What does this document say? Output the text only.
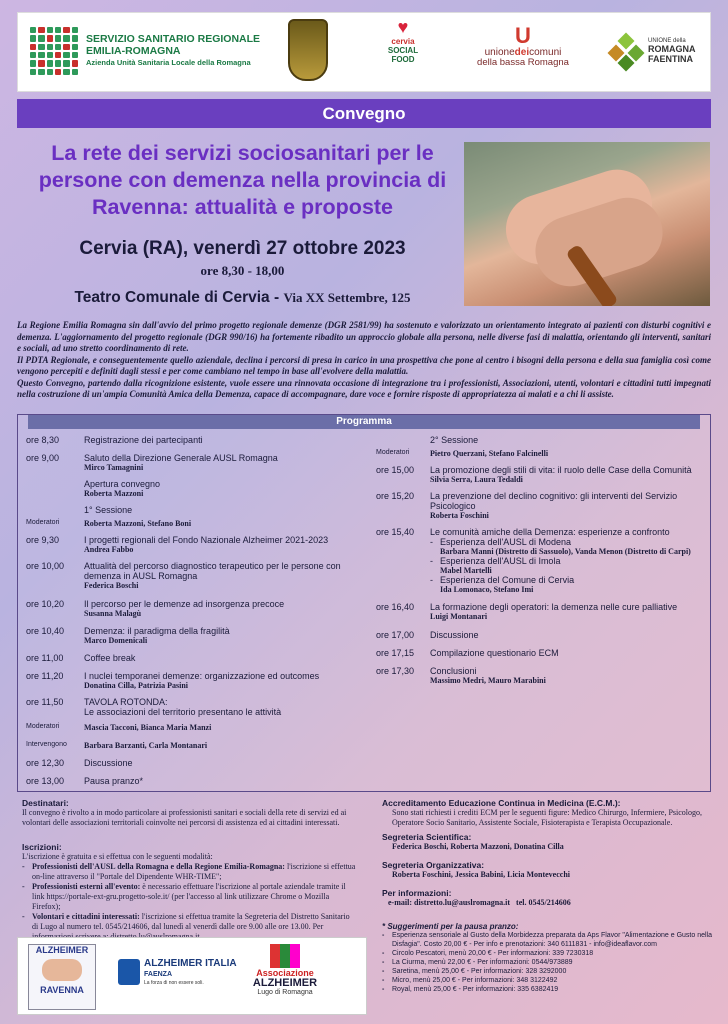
SERVIZIO SANITARIO REGIONALE
EMILIA-ROMAGNA
Azienda Unità Sanitaria Locale della Romagna
♥
cervia
SOCIAL
FOOD
U
unionedeicomuni
della bassa Romagna
UNIONE della
ROMAGNA
FAENTINA
Convegno
La rete dei servizi sociosanitari per le persone con demenza nella provincia di Ravenna: attualità e proposte
Cervia (RA), venerdì 27 ottobre 2023
ore 8,30 - 18,00
Teatro Comunale di Cervia - Via XX Settembre, 125

La Regione Emilia Romagna sin dall'avvio del primo progetto regionale demenze (DGR 2581/99) ha sostenuto e valorizzato un orientamento integrato ai pazienti con disturbi cognitivi e demenza. L'aggiornamento del progetto regionale (DGR 990/16) ha fortemente ribadito un approccio globale alla persona, nelle diverse fasi di malattia, orientando gli interventi, sanitari e sociali, ad uno stretto coordinamento di rete.

Il PDTA Regionale, e conseguentemente quello aziendale, declina i percorsi di presa in carico in una prospettiva che pone al centro i bisogni della persona e della sua famiglia così come vengono percepiti e definiti dagli stessi e per come cambiano nel tempo in base all'evolvere della malattia.

Questo Convegno, partendo dalla ricognizione esistente, vuole essere una rinnovata occasione di integrazione tra i professionisti, Associazioni, utenti, volontari e cittadini tutti impegnati nella costruzione di un'ampia Comunità Amica della Demenza, capace di accompagnare, dare voce e fornire risposte di appropriatezza ai malati e a chi li assiste.

Programma
ore 8,30	Registrazione dei partecipanti
ore 9,00	Saluto della Direzione Generale AUSL Romagna
Mirco Tamagnini
Apertura convegno
Roberta Mazzoni
1° Sessione
Moderatori	Roberta Mazzoni, Stefano Boni
ore 9,30	I progetti regionali del Fondo Nazionale Alzheimer 2021-2023
Andrea Fabbo
ore 10,00 Attualità del percorso diagnostico terapeutico per le persone con demenza in AUSL Romagna
Federica Boschi
ore 10,20 Il percorso per le demenze ad insorgenza precoce
Susanna Malagù
ore 10,40 Demenza: il paradigma della fragilità
Marco Domenicali
ore 11,00 Coffee break
ore 11,20 I nuclei temporanei demenze: organizzazione ed outcomes
Donatina Cilla, Patrizia Pasini
ore 11,50 TAVOLA ROTONDA:
Le associazioni del territorio presentano le attività
Moderatori	Mascia Tacconi, Bianca Maria Manzi
Intervengono Barbara Barzanti, Carla Montanari
ore 12,30 Discussione
ore 13,00 Pausa pranzo*
2° Sessione
Moderatori	Pietro Querzani, Stefano Falcinelli
ore 15,00 La promozione degli stili di vita: il ruolo delle Case della Comunità
Silvia Serra, Laura Tedaldi
ore 15,20 La prevenzione del declino cognitivo: gli interventi del Servizio Psicologico
Roberta Foschini
ore 15,40 Le comunità amiche della Demenza: esperienze a confronto
- Esperienza dell'AUSL di Modena
Barbara Manni (Distretto di Sassuolo), Vanda Menon (Distretto di Carpi)
- Esperienza dell'AUSL di Imola
Mabel Martelli
- Esperienza del Comune di Cervia
Ida Lomonaco, Stefano Imi
ore 16,40 La formazione degli operatori: la demenza nelle cure palliative
Luigi Montanari
ore 17,00 Discussione
ore 17,15 Compilazione questionario ECM
ore 17,30 Conclusioni
Massimo Medri, Mauro Marabini
Destinatari:
Il convegno è rivolto a in modo particolare ai professionisti sanitari e sociali della rete di servizi ed ai volontari delle associazioni territoriali coinvolte nei percorsi di assistenza ed ai cittadini interessati.
Iscrizioni:
L'iscrizione è gratuita e si effettua con le seguenti modalità:
- Professionisti dell'AUSL della Romagna e della Regione Emilia-Romagna: l'iscrizione si effettua on-line attraverso il "Portale del Dipendente WHR-TIME";
- Professionisti esterni all'evento: è necessario effettuare l'iscrizione al portale aziendale tramite il link https://portale-ext-gru.progetto-sole.it/ (per l'accesso al link utilizzare Chrome o Mozilla Firefox);
- Volontari e cittadini interessati: l'iscrizione si effettua tramite la Segreteria del Distretto Sanitario di Lugo al numero tel. 0545/214606, dal lunedì al venerdì dalle ore 9.00 alle ore 13.00. Per
Accreditamento Educazione Continua in Medicina (E.C.M.):
Sono stati richiesti i crediti ECM per le seguenti figure: Medico Chirurgo, Infermiere, Psicologo, Operatore Socio Sanitario, Assistente Sociale, Fisioterapista e Terapista Occupazionale.
Segreteria Scientifica:
Federica Boschi, Roberta Mazzoni, Donatina Cilla
Segreteria Organizzativa:
Roberta Foschini, Jessica Babini, Licia Montevecchi
Per informazioni:
e-mail: distretto.lu@auslromagna.it tel. 0545/214606
* Suggerimenti per la pausa pranzo:
- Esperienza sensoriale al Gusto della Morbidezza preparata da Aps Flavor "Alimentazione e Gusto nella Disfagia". Costo 20,00 € - Per info e prenotazioni: 340 6111831 - info@ideaflavor.com
- Circolo Pescatori, menù 20,00 € - Per informazioni: 339 7230318
- La Ciurma, menù 22,00 € - Per informazioni: 0544/973889
- Saretina, menù 25,00 € - Per informazioni: 328 3292000
- Micro, menù 25,00 € - Per informazioni: 348 3122492
- Royal, menù 25,00 € - Per informazioni: 335 6382419
ALZHEIMER
RAVENNA
ALZHEIMER ITALIA
FAENZA
La forza di non essere soli.
Associazione
ALZHEIMER
Lugo di Romagna
